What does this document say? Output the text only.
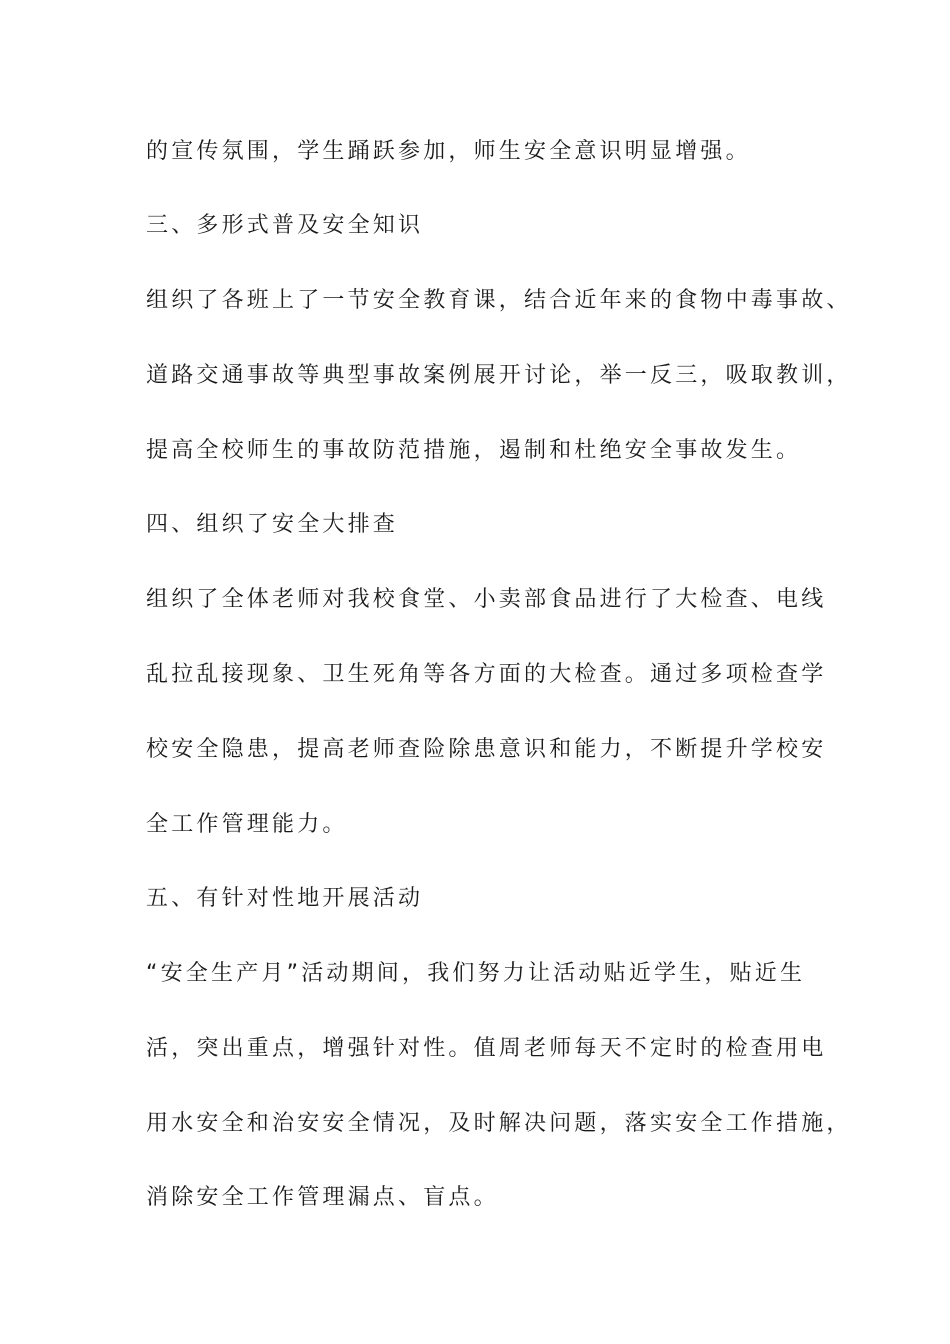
的宣传氛围，学生踊跃参加，师生安全意识明显增强。
三、多形式普及安全知识
组织了各班上了一节安全教育课，结合近年来的食物中毒事故、
道路交通事故等典型事故案例展开讨论，举一反三，吸取教训，
提高全校师生的事故防范措施，遏制和杜绝安全事故发生。
四、组织了安全大排查
组织了全体老师对我校食堂、小卖部食品进行了大检查、电线
乱拉乱接现象、卫生死角等各方面的大检查。通过多项检查学
校安全隐患，提高老师查险除患意识和能力，不断提升学校安
全工作管理能力。
五、有针对性地开展活动
“安全生产月”活动期间，我们努力让活动贴近学生，贴近生
活，突出重点，增强针对性。值周老师每天不定时的检查用电
用水安全和治安安全情况，及时解决问题，落实安全工作措施，
消除安全工作管理漏点、盲点。
